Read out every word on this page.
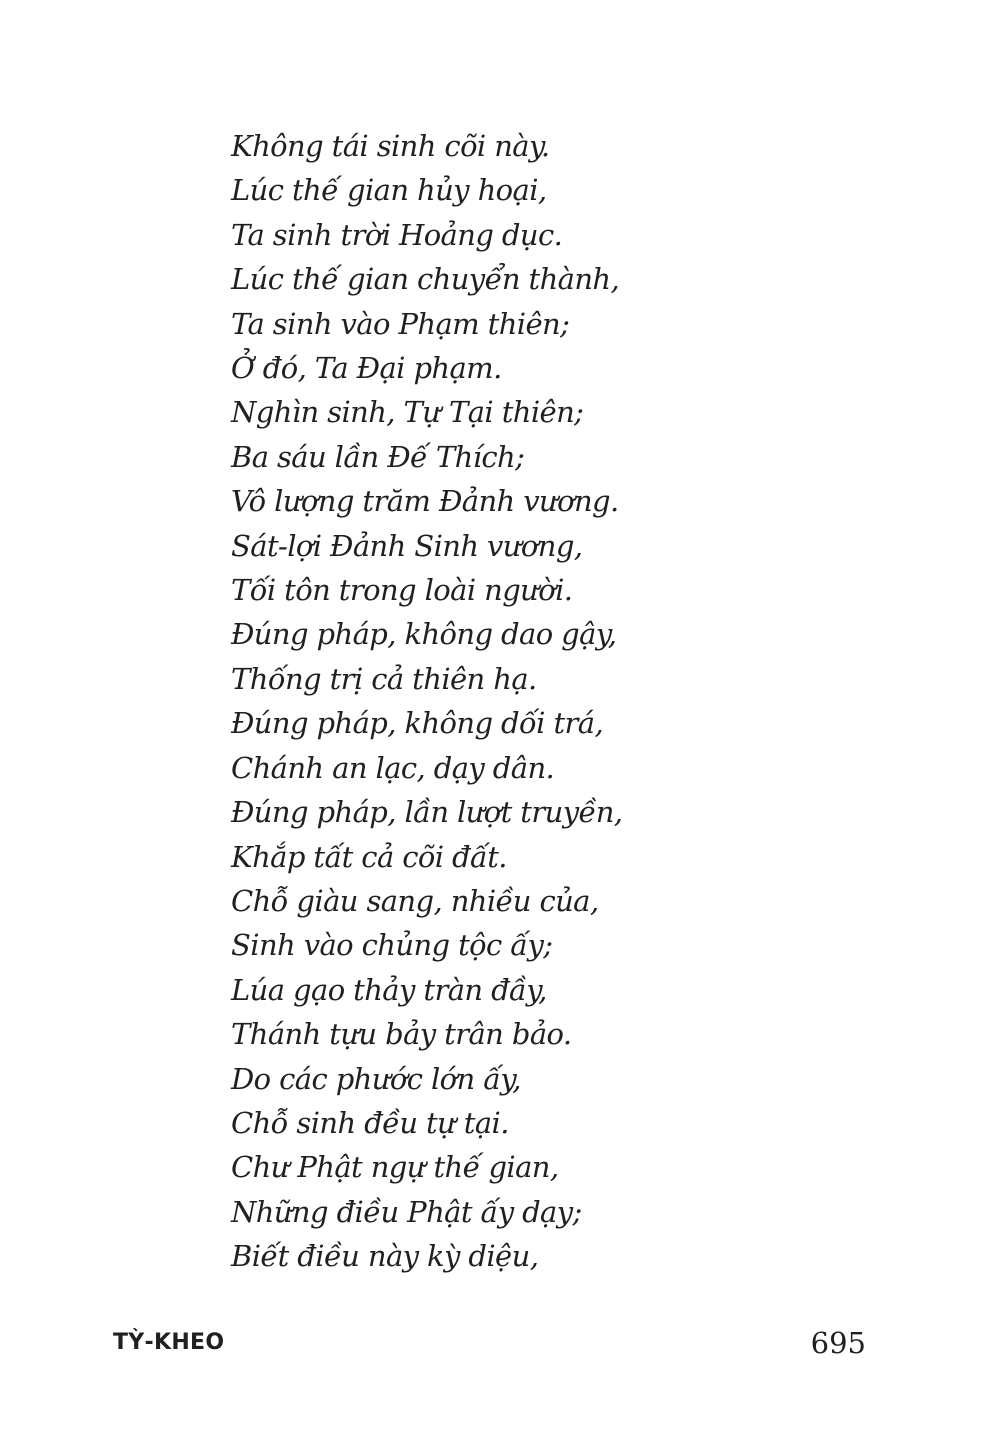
Không tái sinh cõi này.
Lúc thế gian hủy hoại,
Ta sinh trời Hoảng dục.
Lúc thế gian chuyển thành,
Ta sinh vào Phạm thiên;
Ở đó, Ta Đại phạm.
Nghìn sinh, Tự Tại thiên;
Ba sáu lần Đế Thích;
Vô lượng trăm Đảnh vương.
Sát-lợi Đảnh Sinh vương,
Tối tôn trong loài người.
Đúng pháp, không dao gậy,
Thống trị cả thiên hạ.
Đúng pháp, không dối trá,
Chánh an lạc, dạy dân.
Đúng pháp, lần lượt truyền,
Khắp tất cả cõi đất.
Chỗ giàu sang, nhiều của,
Sinh vào chủng tộc ấy;
Lúa gạo thảy tràn đầy,
Thánh tựu bảy trân bảo.
Do các phước lớn ấy,
Chỗ sinh đều tự tại.
Chư Phật ngự thế gian,
Những điều Phật ấy dạy;
Biết điều này kỳ diệu,
TỲ-KHEO	695
